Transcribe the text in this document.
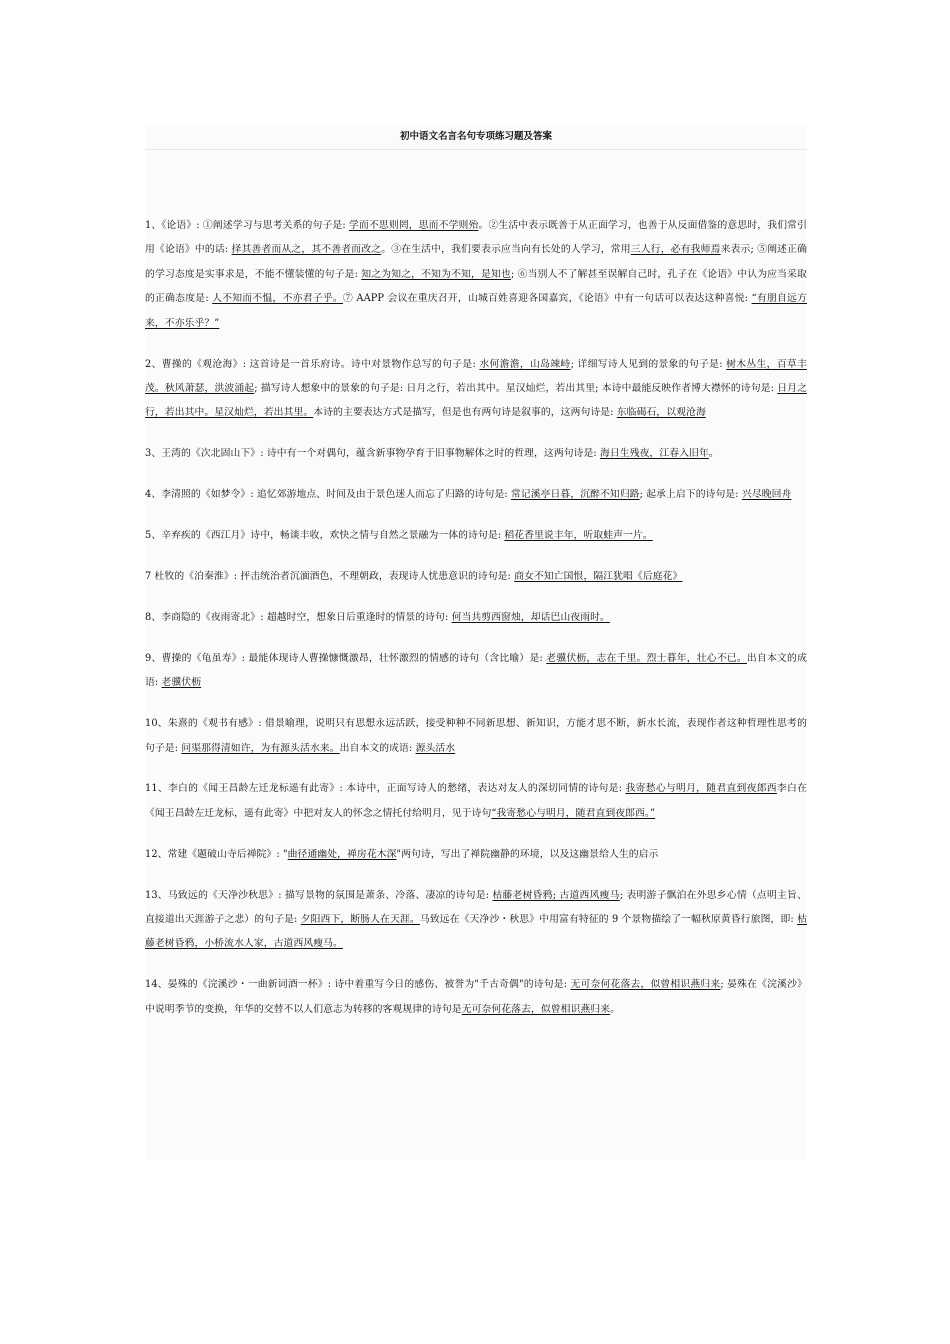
初中语文名言名句专项练习题及答案

1、《论语》: ①阐述学习与思考关系的句子是: 学而不思则罔，思而不学则殆。②生活中表示既善于从正面学习，也善于从反面借鉴的意思时，我们常引用《论语》中的话: 择其善者而从之，其不善者而改之。③在生活中，我们要表示应当向有长处的人学习，常用三人行，必有我师焉来表示; ⑤阐述正确的学习态度是实事求是，不能不懂装懂的句子是: 知之为知之，不知为不知，是知也; ⑥当别人不了解甚至误解自己时，孔子在《论语》中认为应当采取的正确态度是: 人不知而不愠，不亦君子乎。⑦ AAPP 会议在重庆召开，山城百姓喜迎各国嘉宾，《论语》中有一句话可以表达这种喜悦: “有朋自远方来，不亦乐乎？”

2、曹操的《观沧海》: 这首诗是一首乐府诗。诗中对景物作总写的句子是: 水何澹澹，山岛竦峙; 详细写诗人见到的景象的句子是: 树木丛生，百草丰茂。秋风萧瑟，洪波涌起; 描写诗人想象中的景象的句子是: 日月之行，若出其中。星汉灿烂，若出其里; 本诗中最能反映作者博大襟怀的诗句是: 日月之行，若出其中。星汉灿烂，若出其里。本诗的主要表达方式是描写，但是也有两句诗是叙事的，这两句诗是: 东临碣石，以观沧海

3、王湾的《次北固山下》: 诗中有一个对偶句，蕴含新事物孕育于旧事物解体之时的哲理，这两句诗是: 海日生残夜，江春入旧年。

4、李清照的《如梦令》: 追忆郊游地点、时间及由于景色迷人而忘了归路的诗句是: 常记溪亭日暮，沉醉不知归路; 起承上启下的诗句是: 兴尽晚回舟

5、辛弃疾的《西江月》诗中，畅谈丰收，欢快之情与自然之景融为一体的诗句是: 稻花香里说丰年，听取蛙声一片。

7 杜牧的《泊秦淮》: 抨击统治者沉湎酒色，不理朝政，表现诗人忧患意识的诗句是: 商女不知亡国恨，隔江犹唱《后庭花》

8、李商隐的《夜雨寄北》: 超越时空，想象日后重逢时的情景的诗句: 何当共剪西窗烛，却话巴山夜雨时。

9、曹操的《龟虽寿》: 最能体现诗人曹操慷慨激昂，壮怀激烈的情感的诗句（含比喻）是: 老骥伏枥，志在千里。烈士暮年，壮心不已。出自本文的成语: 老骥伏枥

10、朱熹的《观书有感》: 借景喻理，说明只有思想永远活跃，接受种种不同新思想、新知识，方能才思不断，新水长流，表现作者这种哲理性思考的句子是: 问渠那得清如许，为有源头活水来。出自本文的成语: 源头活水

11、李白的《闻王昌龄左迁龙标遥有此寄》: 本诗中，正面写诗人的愁绪，表达对友人的深切同情的诗句是: 我寄愁心与明月，随君直到夜郎西李白在《闻王昌龄左迁龙标，遥有此寄》中把对友人的怀念之情托付给明月，见于诗句“我寄愁心与明月，随君直到夜郎西。”

12、常建《题破山寺后禅院》: "曲径通幽处，禅房花木深"两句诗，写出了禅院幽静的环境，以及这幽景给人生的启示

13、马致远的《天净沙秋思》: 描写景物的氛围是萧条、冷落、凄凉的诗句是: 枯藤老树昏鸦; 古道西风瘦马; 表明游子飘泊在外思乡心情（点明主旨、直接道出天涯游子之悲）的句子是: 夕阳西下，断肠人在天涯。马致远在《天净沙・秋思》中用富有特征的 9 个景物描绘了一幅秋原黄昏行旅图，即: 枯藤老树昏鸦，小桥流水人家，古道西风瘦马。

14、晏殊的《浣溪沙・一曲新词酒一杯》: 诗中着重写今日的感伤、被誉为"千古奇偶"的诗句是: 无可奈何花落去，似曾相识燕归来; 晏殊在《浣溪沙》中说明季节的变换，年华的交替不以人们意志为转移的客观规律的诗句是无可奈何花落去，似曾相识燕归来。
